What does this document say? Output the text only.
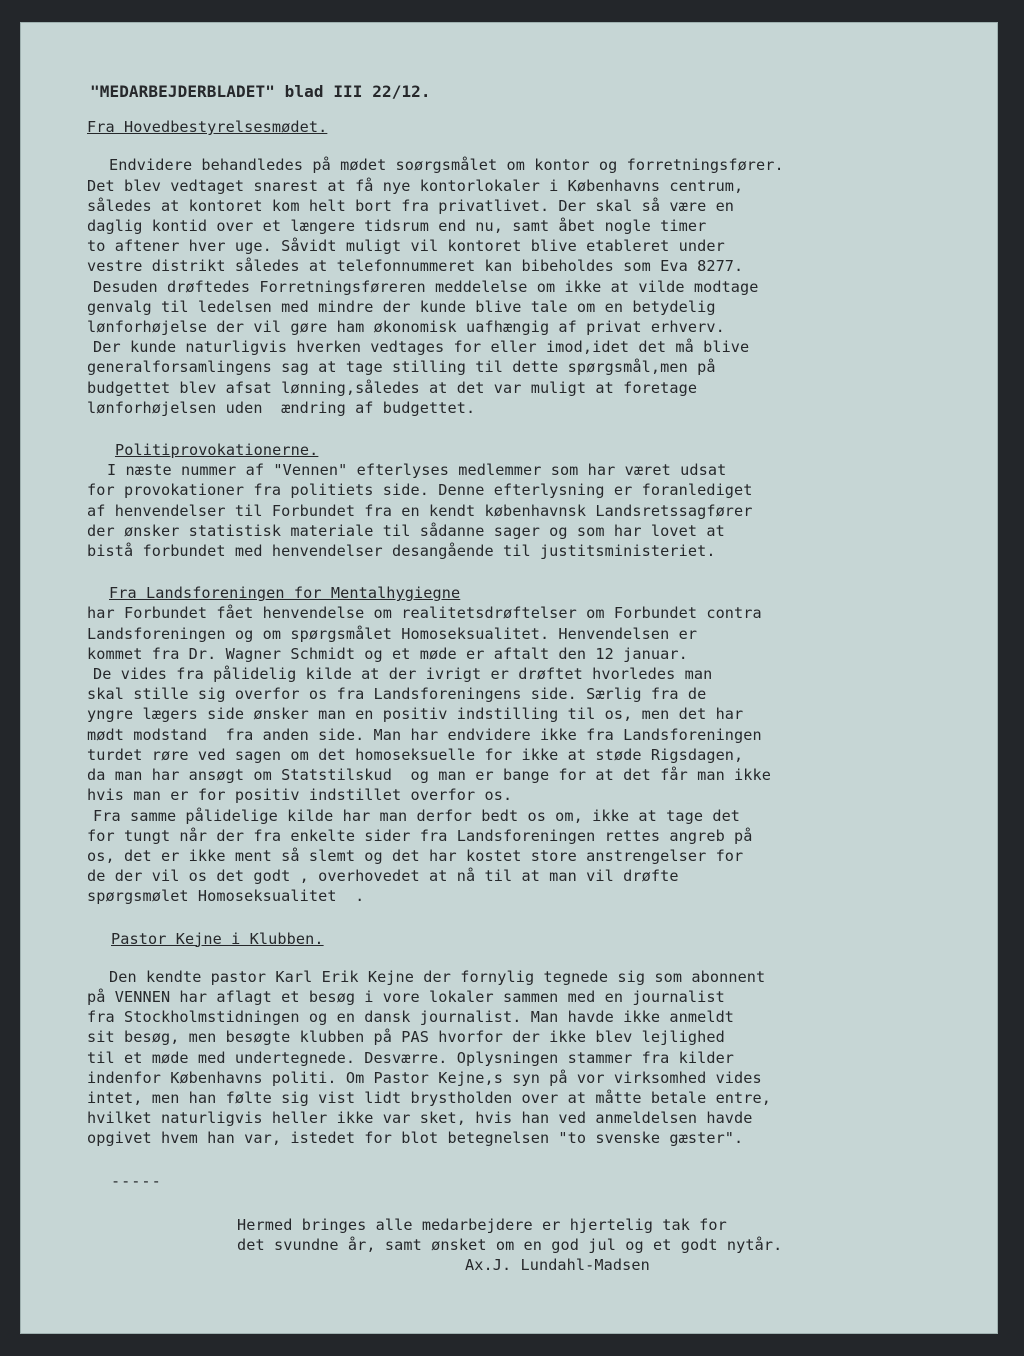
"MEDARBEJDERBLADET" blad III 22/12.
Fra Hovedbestyrelsesmødet.
Endvidere behandledes på mødet soørgsmålet om kontor og forretningsfører.
Det blev vedtaget snarest at få nye kontorlokaler i Københavns centrum,
således at kontoret kom helt bort fra privatlivet. Der skal så være en
daglig kontid over et længere tidsrum end nu, samt åbet nogle timer
to aftener hver uge. Såvidt muligt vil kontoret blive etableret under
vestre distrikt således at telefonnummeret kan bibeholdes som Eva 8277.
Desuden drøftedes Forretningsføreren meddelelse om ikke at vilde modtage
genvalg til ledelsen med mindre der kunde blive tale om en betydelig
lønforhøjelse der vil gøre ham økonomisk uafhængig af privat erhverv.
Der kunde naturligvis hverken vedtages for eller imod,idet det må blive
generalforsamlingens sag at tage stilling til dette spørgsmål,men på
budgettet blev afsat lønning,således at det var muligt at foretage
lønforhøjelsen uden  ændring af budgettet.
Politiprovokationerne.
I næste nummer af "Vennen" efterlyses medlemmer som har været udsat
for provokationer fra politiets side. Denne efterlysning er foranlediget
af henvendelser til Forbundet fra en kendt københavnsk Landsretssagfører
der ønsker statistisk materiale til sådanne sager og som har lovet at
bistå forbundet med henvendelser desangående til justitsministeriet.
Fra Landsforeningen for Mentalhygiegne
har Forbundet fået henvendelse om realitetsdrøftelser om Forbundet contra
Landsforeningen og om spørgsmålet Homoseksualitet. Henvendelsen er
kommet fra Dr. Wagner Schmidt og et møde er aftalt den 12 januar.
De vides fra pålidelig kilde at der ivrigt er drøftet hvorledes man
skal stille sig overfor os fra Landsforeningens side. Særlig fra de
yngre lægers side ønsker man en positiv indstilling til os, men det har
mødt modstand  fra anden side. Man har endvidere ikke fra Landsforeningen
turdet røre ved sagen om det homoseksuelle for ikke at støde Rigsdagen,
da man har ansøgt om Statstilskud  og man er bange for at det får man ikke
hvis man er for positiv indstillet overfor os.
Fra samme pålidelige kilde har man derfor bedt os om, ikke at tage det
for tungt når der fra enkelte sider fra Landsforeningen rettes angreb på
os, det er ikke ment så slemt og det har kostet store anstrengelser for
de der vil os det godt , overhovedet at nå til at man vil drøfte
spørgsmølet Homoseksualitet  .
Pastor Kejne i Klubben.
Den kendte pastor Karl Erik Kejne der fornylig tegnede sig som abonnent
på VENNEN har aflagt et besøg i vore lokaler sammen med en journalist
fra Stockholmstidningen og en dansk journalist. Man havde ikke anmeldt
sit besøg, men besøgte klubben på PAS hvorfor der ikke blev lejlighed
til et møde med undertegnede. Desværre. Oplysningen stammer fra kilder
indenfor Københavns politi. Om Pastor Kejne,s syn på vor virksomhed vides
intet, men han følte sig vist lidt brystholden over at måtte betale entre,
hvilket naturligvis heller ikke var sket, hvis han ved anmeldelsen havde
opgivet hvem han var, istedet for blot betegnelsen "to svenske gæster".
-----
Hermed bringes alle medarbejdere er hjertelig tak for
det svundne år, samt ønsket om en god jul og et godt nytår.
Ax.J. Lundahl-Madsen
